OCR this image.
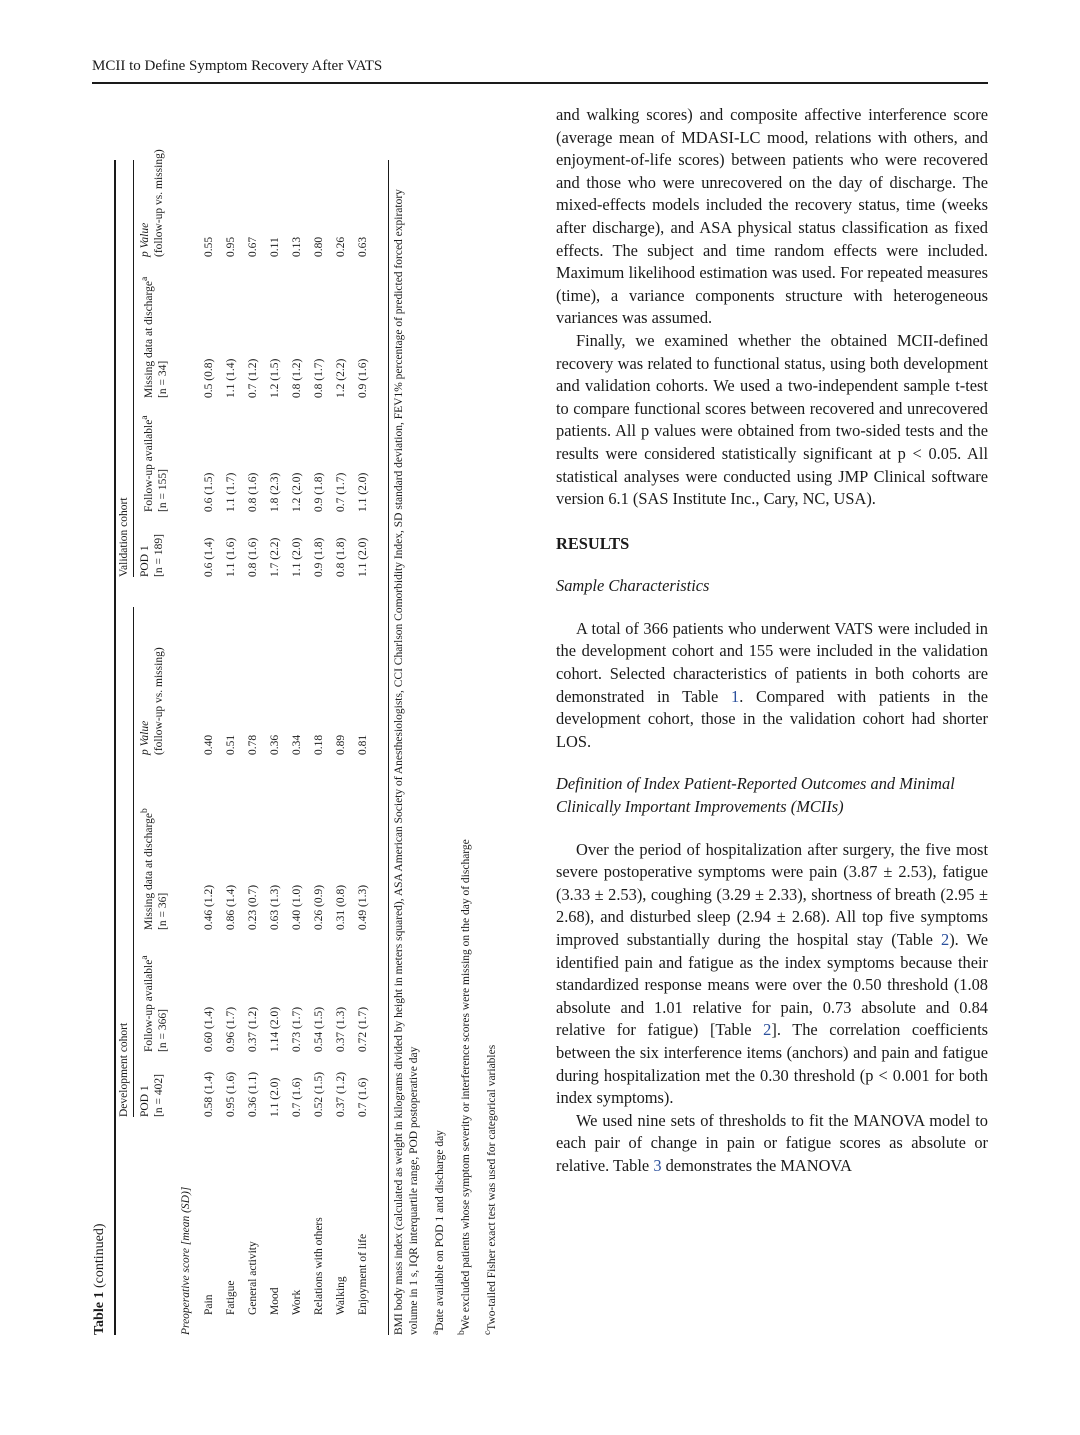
MCII to Define Symptom Recovery After VATS
Table 1 (continued)
Development cohort
Validation cohort
POD 1 [n = 402]
Follow-up available$^a$
[n = 366]
Missing data at discharge$^b$
[n = 36]
p Value (follow-up vs. missing)
POD 1 [n = 189]
Follow-up available$^a$
[n = 155]
Missing data at discharge$^a$
[n = 34]
p Value (follow-up vs. missing)
Preoperative score [mean (SD)] Pain
0.58 (1.4)
0.60 (1.4)
0.46 (1.2)
0.40
0.6 (1.4)
0.6 (1.5)
0.5 (0.8)
0.55
Fatigue
0.95 (1.6)
0.96 (1.7)
0.86 (1.4)
0.51
1.1 (1.6)
1.1 (1.7)
1.1 (1.4)
0.95
General activity
0.36 (1.1)
0.37 (1.2)
0.23 (0.7)
0.78
0.8 (1.6)
0.8 (1.6)
0.7 (1.2)
0.67
Mood
1.1 (2.0)
1.14 (2.0)
0.63 (1.3)
0.36
1.7 (2.2)
1.8 (2.3)
1.2 (1.5)
0.11
Work
0.7 (1.6)
0.73 (1.7)
0.40 (1.0)
0.34
1.1 (2.0)
1.2 (2.0)
0.8 (1.2)
0.13
Relations with others
0.52 (1.5)
0.54 (1.5)
0.26 (0.9)
0.18
0.9 (1.8)
0.9 (1.8)
0.8 (1.7)
0.80
Walking
0.37 (1.2)
0.37 (1.3)
0.31 (0.8)
0.89
0.8 (1.8)
0.7 (1.7)
1.2 (2.2)
0.26
Enjoyment of life
0.7 (1.6)
0.72 (1.7)
0.49 (1.3)
0.81
1.1 (2.0)
1.1 (2.0)
0.9 (1.6)
0.63 BMI body mass index (calculated as weight in kilograms divided by height in meters squared), ASA American Society of Anesthesiologists, CCI Charlson Comorbidity Index, SD standard deviation, FEV1% percentage of predicted forced expiratory volume in 1 s, IQR interquartile range, POD postoperative day $^a$Date available on POD 1 and discharge day

$^b$We excluded patients whose symptom severity or interference scores were missing on the day of discharge

$^c$Two-tailed Fisher exact test was used for categorical variables

and walking scores) and composite affective interference score (average mean of MDASI-LC mood, relations with others, and enjoyment-of-life scores) between patients who were recovered and those who were unrecovered on the day of discharge. The mixed-effects models included the recovery status, time (weeks after discharge), and ASA physical status classification as fixed effects. The subject and time random effects were included. Maximum likelihood estimation was used. For repeated measures (time), a variance components structure with heterogeneous variances was assumed.

Finally, we examined whether the obtained MCII-defined recovery was related to functional status, using both development and validation cohorts. We used a two-independent sample t-test to compare functional scores between recovered and unrecovered patients. All p values were obtained from two-sided tests and the results were considered statistically significant at p < 0.05. All statistical analyses were conducted using JMP Clinical software version 6.1 (SAS Institute Inc., Cary, NC, USA).

RESULTS

Sample Characteristics

A total of 366 patients who underwent VATS were included in the development cohort and 155 were included in the validation cohort. Selected characteristics of patients in both cohorts are demonstrated in Table 1. Compared with patients in the development cohort, those in the validation cohort had shorter LOS.

Definition of Index Patient-Reported Outcomes and Minimal Clinically Important Improvements (MCIIs)

Over the period of hospitalization after surgery, the five most severe postoperative symptoms were pain (3.87 ± 2.53), fatigue (3.33 ± 2.53), coughing (3.29 ± 2.33), shortness of breath (2.95 ± 2.68), and disturbed sleep (2.94 ± 2.68). All top five symptoms improved substantially during the hospital stay (Table 2). We identified pain and fatigue as the index symptoms because their standardized response means were over the 0.50 threshold (1.08 absolute and 1.01 relative for pain, 0.73 absolute and 0.84 relative for fatigue) [Table 2]. The correlation coefficients between the six interference items (anchors) and pain and fatigue during hospitalization met the 0.30 threshold (p < 0.001 for both index symptoms).

We used nine sets of thresholds to fit the MANOVA model to each pair of change in pain or fatigue scores as absolute or relative. Table 3 demonstrates the MANOVA
